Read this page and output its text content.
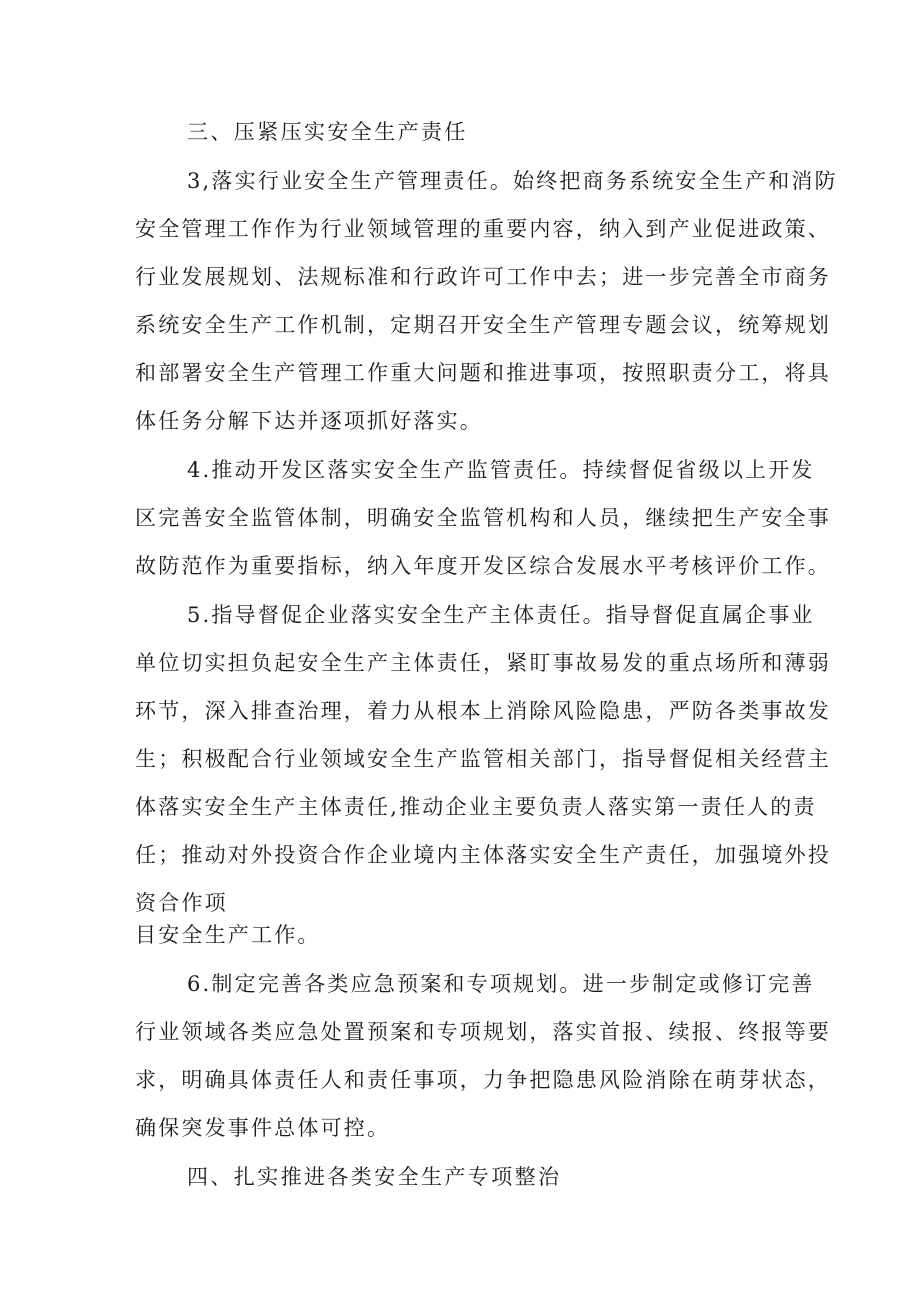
三、压紧压实安全生产责任
3,落实行业安全生产管理责任。始终把商务系统安全生产和消防
安全管理工作作为行业领域管理的重要内容，纳入到产业促进政策、
行业发展规划、法规标准和行政许可工作中去；进一步完善全市商务
系统安全生产工作机制，定期召开安全生产管理专题会议，统筹规划
和部署安全生产管理工作重大问题和推进事项，按照职责分工，将具
体任务分解下达并逐项抓好落实。
4.推动开发区落实安全生产监管责任。持续督促省级以上开发
区完善安全监管体制，明确安全监管机构和人员，继续把生产安全事
故防范作为重要指标，纳入年度开发区综合发展水平考核评价工作。
5.指导督促企业落实安全生产主体责任。指导督促直属企事业
单位切实担负起安全生产主体责任，紧盯事故易发的重点场所和薄弱
环节，深入排查治理，着力从根本上消除风险隐患，严防各类事故发
生；积极配合行业领域安全生产监管相关部门，指导督促相关经营主
体落实安全生产主体责任,推动企业主要负责人落实第一责任人的责
任；推动对外投资合作企业境内主体落实安全生产责任，加强境外投
资合作项
目安全生产工作。
6.制定完善各类应急预案和专项规划。进一步制定或修订完善
行业领域各类应急处置预案和专项规划，落实首报、续报、终报等要
求，明确具体责任人和责任事项，力争把隐患风险消除在萌芽状态，
确保突发事件总体可控。
四、扎实推进各类安全生产专项整治
